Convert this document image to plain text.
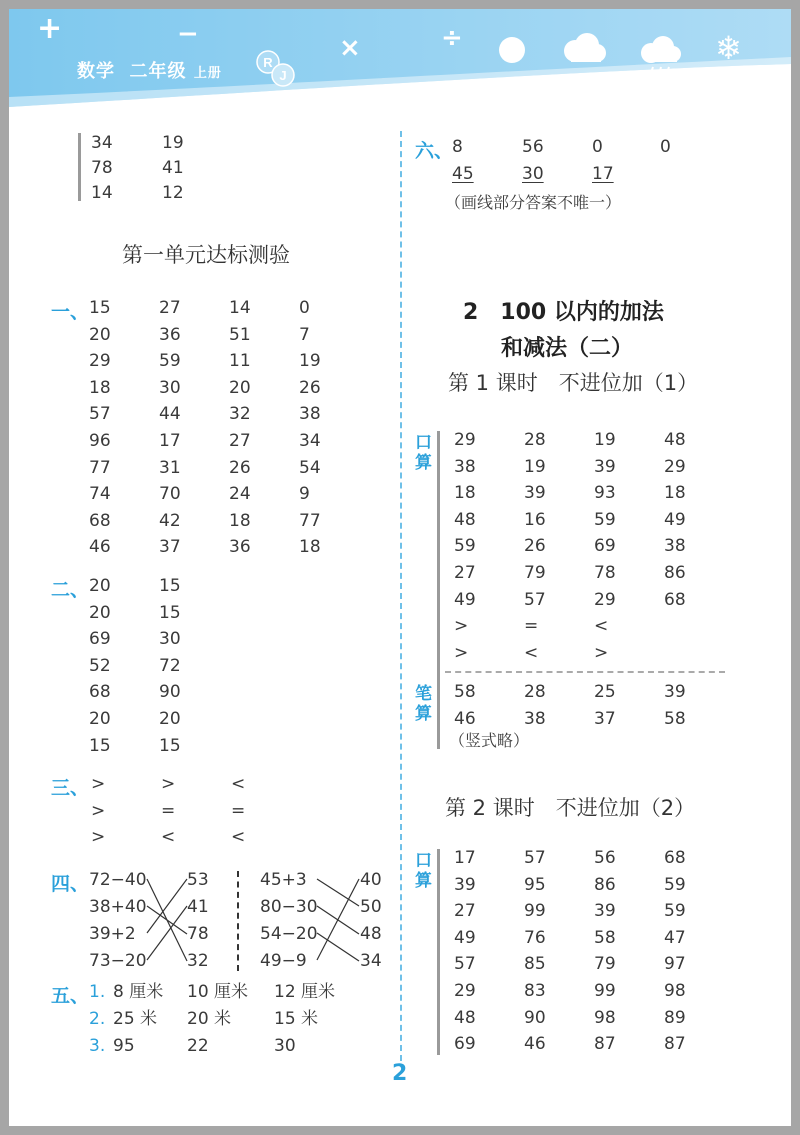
+	−	×	÷	❄
数学 二年级 上册
R
J
34	19
78	41
14	12
第一单元达标测验
一、 15	27	14	0
20	36	51	7
29	59	11	19
18	30	20	26
57	44	32	38
96	17	27	34
77	31	26	54
74	70	24	9
68	42	18	77
46	37	36	18
二、 20	15
20	15
69	30
52	72
68	90
20	20
15	15
三、 >	>	<
>	=	=
>	<	<
四、 72−40
38+40
39+2
73−20
53
41
78
32
45+3
80−30
54−20
49−9
40
50
48
34
五、 1. 8 厘米 10 厘米 12 厘米
2. 25 米 20 米	15 米
3. 95	22	30
六、
8	56	0	0
45	30	17
（画线部分答案不唯一）
2　100 以内的加法
和减法（二）
第 1 课时　不进位加（1）
口
算
29	28	19	48
38	19	39	29
18	39	93	18
48	16	59	49
59	26	69	38
27	79	78	86
49	57	29	68
>	=	<
>	<	>
笔
算
58	28	25	39
46	38	37	58
（竖式略）
第 2 课时　不进位加（2）
口
算
17	57	56	68
39	95	86	59
27	99	39	59
49	76	58	47
57	85	79	97
29	83	99	98
48	90	98	89
69	46	87	87
2
